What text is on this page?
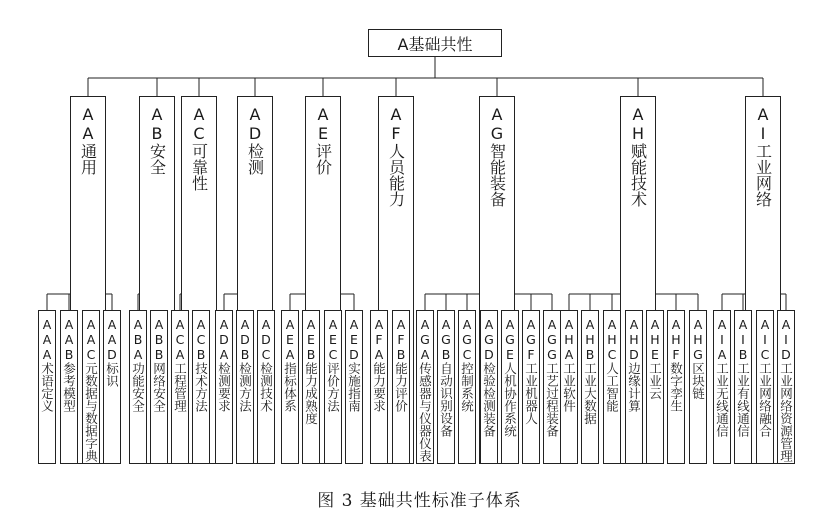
A基础共性
AA通用
AAA术语定义 AAB参考模型 AAC元数据与数据字典 AAD标识
AB安全
ABA功能安全 ABB网络安全
AC可靠性
ACA工程管理 ACB技术方法
AD检测
ADA检测要求 ADB检测方法 ADC检测技术
AE评价
AEA指标体系 AEB能力成熟度 AEC评价方法 AED实施指南
AF人员能力
AFA能力要求 AFB能力评价
AG智能装备
AGA传感器与仪器仪表 AGB自动识别设备 AGC控制系统 AGD检验检测装备 AGE人机协作系统 AGF工业机器人 AGG工艺过程装备
AH赋能技术
AHA工业软件 AHB工业大数据 AHC人工智能 AHD边缘计算 AHE工业云 AHF数字孪生 AHG区块链
AI工业网络
AIA工业无线通信 AIB工业有线通信 AIC工业网络融合 AID工业网络资源管理
图 3 基础共性标准子体系
